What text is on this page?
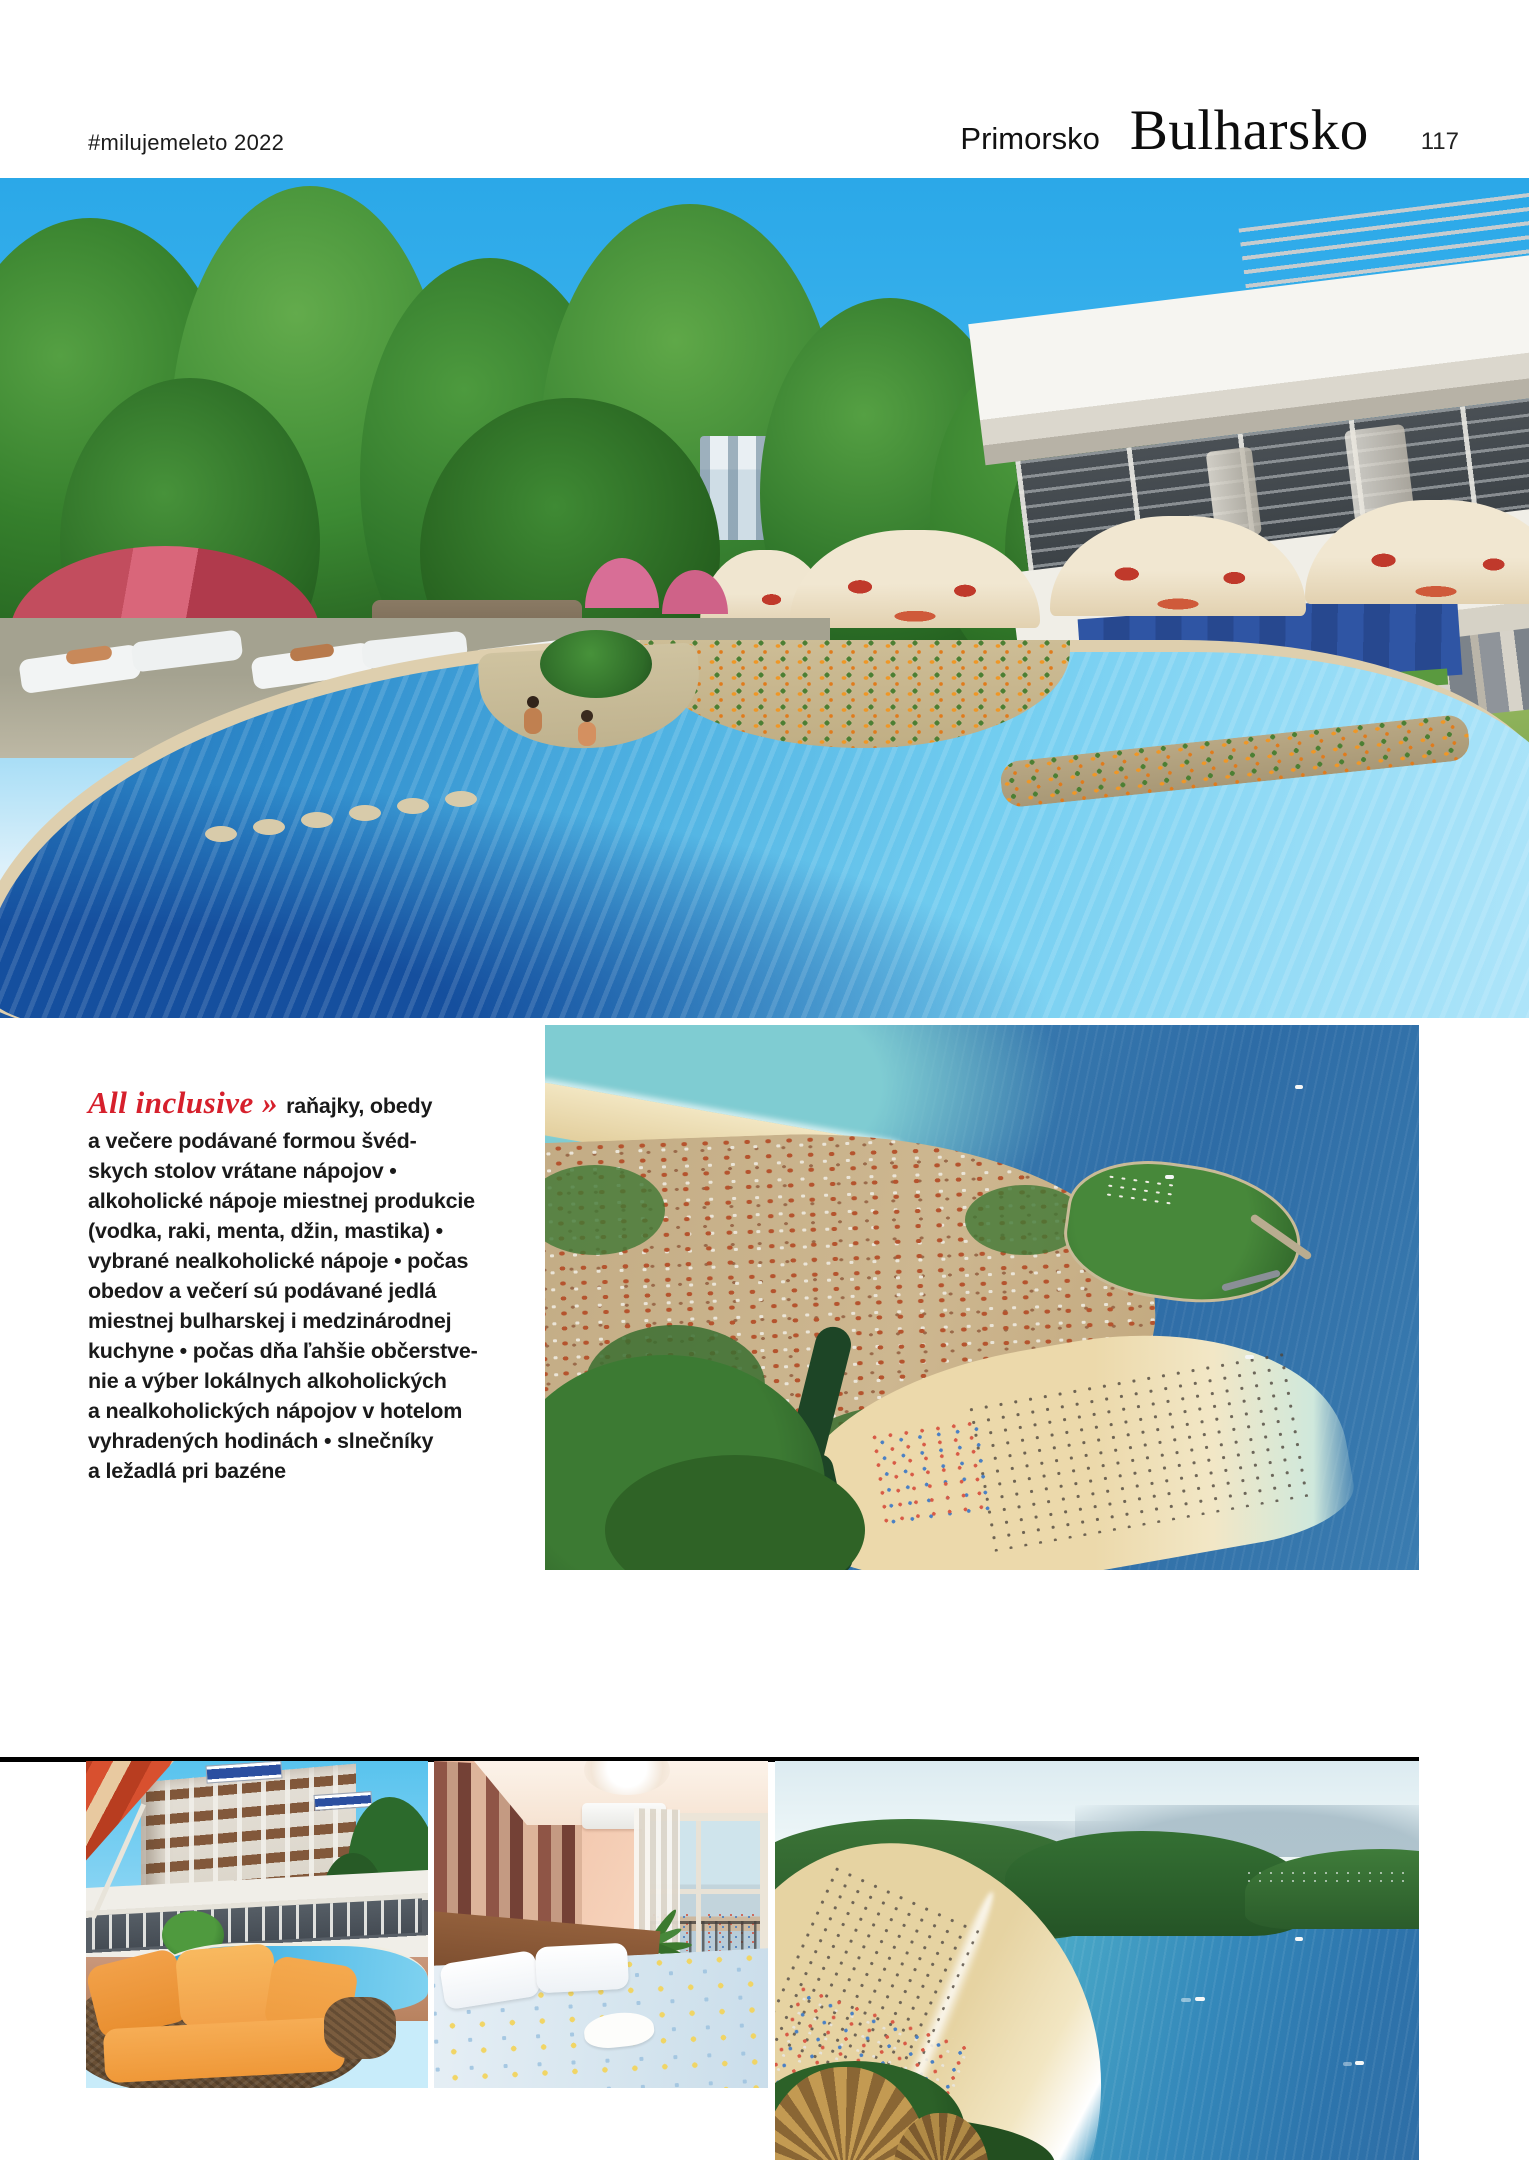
#milujemeleto 2022	Primorsko Bulharsko 117
All inclusive » raňajky, obedy
a večere podávané formou švéd-
skych stolov vrátane nápojov •
alkoholické nápoje miestnej produkcie
(vodka, raki, menta, džin, mastika) •
vybrané nealkoholické nápoje • počas
obedov a večerí sú podávané jedlá
miestnej bulharskej i medzinárodnej
kuchyne • počas dňa ľahšie občerstve-
nie a výber lokálnych alkoholických
a nealkoholických nápojov v hotelom
vyhradených hodinách • slnečníky
a ležadlá pri bazéne
